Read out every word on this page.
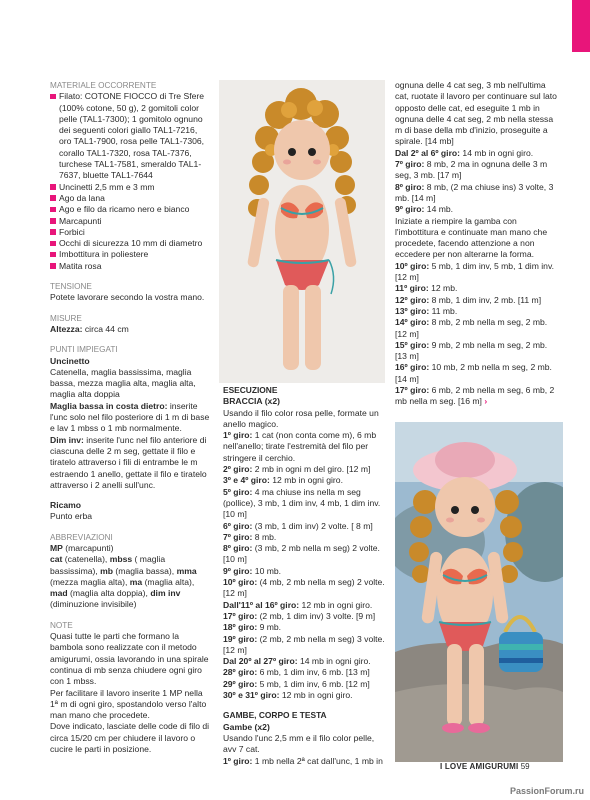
MATERIALE OCCORRENTE
Filato: COTONE FIOCCO di Tre Sfere (100% cotone, 50 g), 2 gomitoli color pelle (TAL1-7300); 1 gomitolo ognuno dei seguenti colori giallo TAL1-7216, oro TAL1-7900, rosa pelle TAL1-7306, corallo TAL1-7320, rosa TAL-7376, turchese TAL1-7581, smeraldo TAL1-7637, bluette TAL1-7644
Uncinetti 2,5 mm e 3 mm
Ago da lana
Ago e filo da ricamo nero e bianco
Marcapunti
Forbici
Occhi di sicurezza 10 mm di diametro
Imbottitura in poliestere
Matita rosa
TENSIONE

Potete lavorare secondo la vostra mano.

MISURE

Altezza: circa 44 cm

PUNTI IMPIEGATI

Uncinetto

Catenella, maglia bassissima, maglia bassa, mezza maglia alta, maglia alta, maglia alta doppia

Maglia bassa in costa dietro: inserite l'unc solo nel filo posteriore di 1 m di base e lav 1 mbss o 1 mb normalmente.

Dim inv: inserite l'unc nel filo anteriore di ciascuna delle 2 m seg, gettate il filo e tiratelo attraverso i fili di entrambe le m estraendo 1 anello, gettate il filo e tiratelo attraverso i 2 anelli sull'unc.

Ricamo

Punto erba

ABBREVIAZIONI

MP (marcapunti)
cat (catenella), mbss ( maglia bassissima), mb (maglia bassa), mma (mezza maglia alta), ma (maglia alta), mad (maglia alta doppia), dim inv (diminuzione invisibile)

NOTE

Quasi tutte le parti che formano la bambola sono realizzate con il metodo amigurumi, ossia lavorando in una spirale continua di mb senza chiudere ogni giro con 1 mbss.

Per facilitare il lavoro inserite 1 MP nella 1ª m di ogni giro, spostandolo verso l'alto man mano che procedete.

Dove indicato, lasciate delle code di filo di circa 15/20 cm per chiudere il lavoro o cucire le parti in posizione.

ESECUZIONE

BRACCIA (x2)

Usando il filo color rosa pelle, formate un anello magico.

1º giro: 1 cat (non conta come m), 6 mb nell'anello; tirate l'estremità del filo per stringere il cerchio.

2º giro: 2 mb in ogni m del giro. [12 m]

3º e 4º giro: 12 mb in ogni giro.

5º giro: 4 ma chiuse ins nella m seg (pollice), 3 mb, 1 dim inv, 4 mb, 1 dim inv. [10 m]

6º giro: (3 mb, 1 dim inv) 2 volte. [ 8 m]

7º giro: 8 mb.

8º giro: (3 mb, 2 mb nella m seg) 2 volte. [10 m]

9º giro: 10 mb.

10º giro: (4 mb, 2 mb nella m seg) 2 volte. [12 m]

Dall'11º al 16º giro: 12 mb in ogni giro.

17º giro: (2 mb, 1 dim inv) 3 volte. [9 m]

18º giro: 9 mb.

19º giro: (2 mb, 2 mb nella m seg) 3 volte. [12 m]

Dal 20º al 27º giro: 14 mb in ogni giro.

28º giro: 6 mb, 1 dim inv, 6 mb. [13 m]

29º giro: 5 mb, 1 dim inv, 6 mb. [12 m]

30º e 31º giro: 12 mb in ogni giro.

GAMBE, CORPO E TESTA

Gambe (x2)

Usando l'unc 2,5 mm e il filo color pelle, avv 7 cat.

1º giro: 1 mb nella 2ª cat dall'unc, 1 mb in

ognuna delle 4 cat seg, 3 mb nell'ultima cat, ruotate il lavoro per continuare sul lato opposto delle cat, ed eseguite 1 mb in ognuna delle 4 cat seg, 2 mb nella stessa m di base della mb d'inizio, proseguite a spirale. [14 mb]

Dal 2º al 6º giro: 14 mb in ogni giro.

7º giro: 8 mb, 2 ma in ognuna delle 3 m seg, 3 mb. [17 m]

8º giro: 8 mb, (2 ma chiuse ins) 3 volte, 3 mb. [14 m]

9º giro: 14 mb.

Iniziate a riempire la gamba con l'imbottitura e continuate man mano che procedete, facendo attenzione a non eccedere per non alterarne la forma.

10º giro: 5 mb, 1 dim inv, 5 mb, 1 dim inv. [12 m]

11º giro: 12 mb.

12º giro: 8 mb, 1 dim inv, 2 mb. [11 m]

13º giro: 11 mb.

14º giro: 8 mb, 2 mb nella m seg, 2 mb. [12 m]

15º giro: 9 mb, 2 mb nella m seg, 2 mb. [13 m]

16º giro: 10 mb, 2 mb nella m seg, 2 mb. [14 m]

17º giro: 6 mb, 2 mb nella m seg, 6 mb, 2 mb nella m seg. [16 m] ›

I LOVE AMIGURUMI 59
PassionForum.ru
